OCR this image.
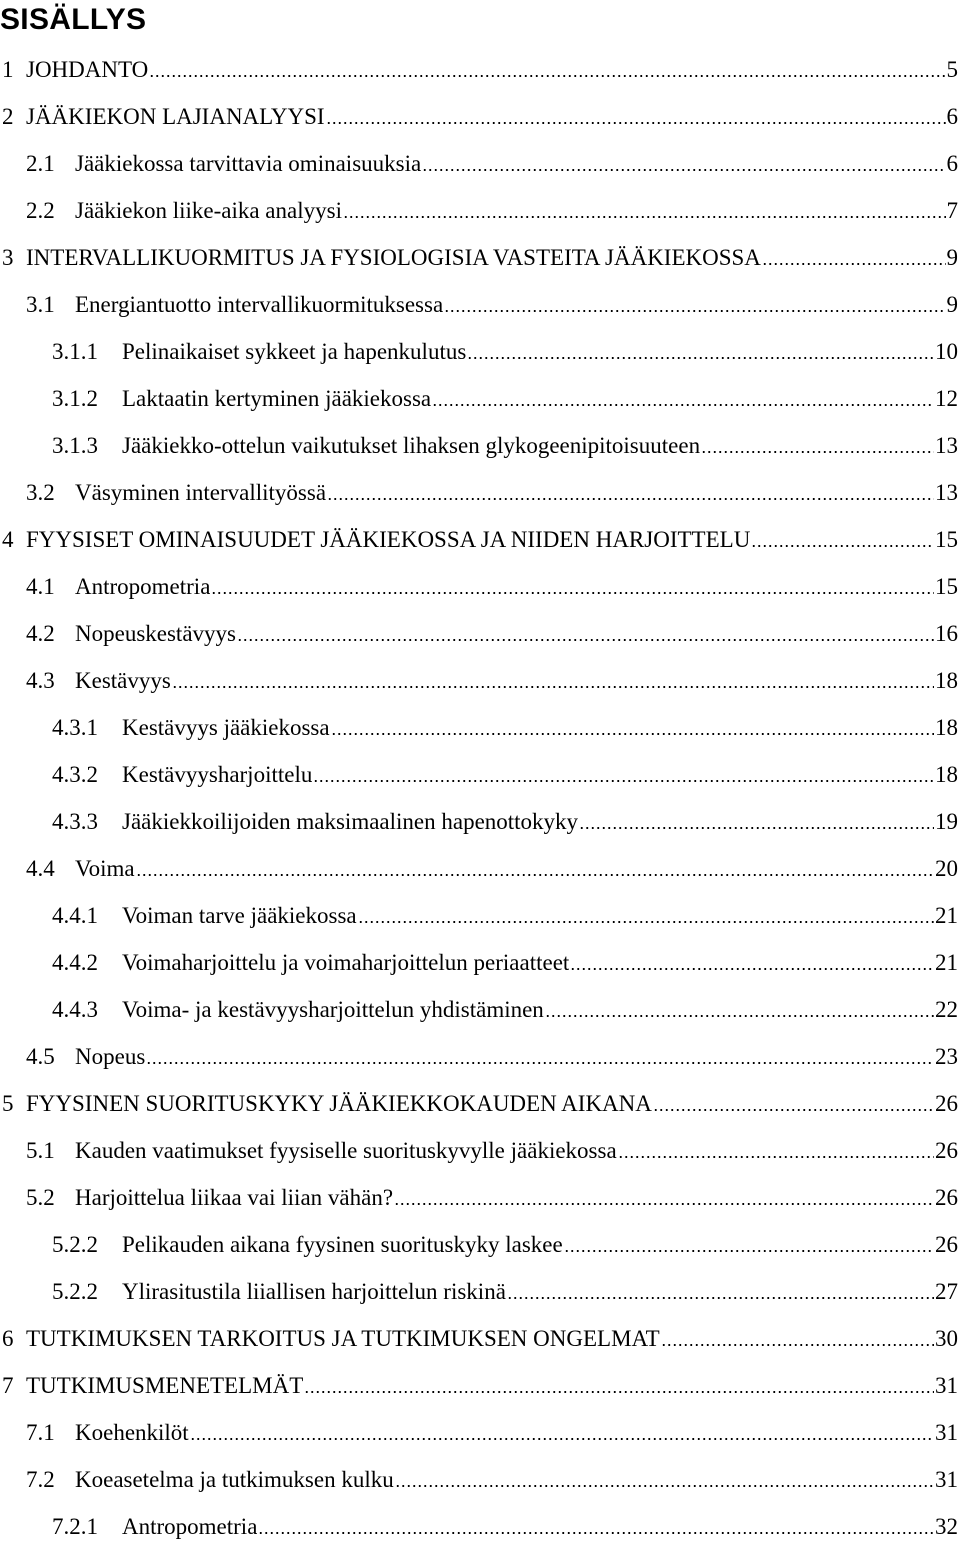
SISÄLLYS
1 JOHDANTO	5
2 JÄÄKIEKON LAJIANALYYSI	6
2.1 Jääkiekossa tarvittavia ominaisuuksia	6
2.2 Jääkiekon liike-aika analyysi	7
3 INTERVALLIKUORMITUS JA FYSIOLOGISIA VASTEITA JÄÄKIEKOSSA	9
3.1 Energiantuotto intervallikuormituksessa	9
3.1.1	Pelinaikaiset sykkeet ja hapenkulutus	10
3.1.2	Laktaatin kertyminen jääkiekossa	12
3.1.3	Jääkiekko-ottelun vaikutukset lihaksen glykogeenipitoisuuteen	13
3.2 Väsyminen intervallityössä	13
4 FYYSISET OMINAISUUDET JÄÄKIEKOSSA JA NIIDEN HARJOITTELU	15
4.1 Antropometria	15
4.2 Nopeuskestävyys	16
4.3 Kestävyys	18
4.3.1	Kestävyys jääkiekossa	18
4.3.2	Kestävyysharjoittelu	18
4.3.3	Jääkiekkoilijoiden maksimaalinen hapenottokyky	19
4.4 Voima	20
4.4.1	Voiman tarve jääkiekossa	21
4.4.2	Voimaharjoittelu ja voimaharjoittelun periaatteet	21
4.4.3	Voima- ja kestävyysharjoittelun yhdistäminen	22
4.5 Nopeus	23
5 FYYSINEN SUORITUSKYKY JÄÄKIEKKOKAUDEN AIKANA	26
5.1 Kauden vaatimukset fyysiselle suorituskyvylle jääkiekossa	26
5.2 Harjoittelua liikaa vai liian vähän?	26
5.2.2	Pelikauden aikana fyysinen suorituskyky laskee	26
5.2.2	Ylirasitustila liiallisen harjoittelun riskinä	27
6 TUTKIMUKSEN TARKOITUS JA TUTKIMUKSEN ONGELMAT	30
7 TUTKIMUSMENETELMÄT	31
7.1 Koehenkilöt	31
7.2 Koeasetelma ja tutkimuksen kulku	31
7.2.1	Antropometria	32
